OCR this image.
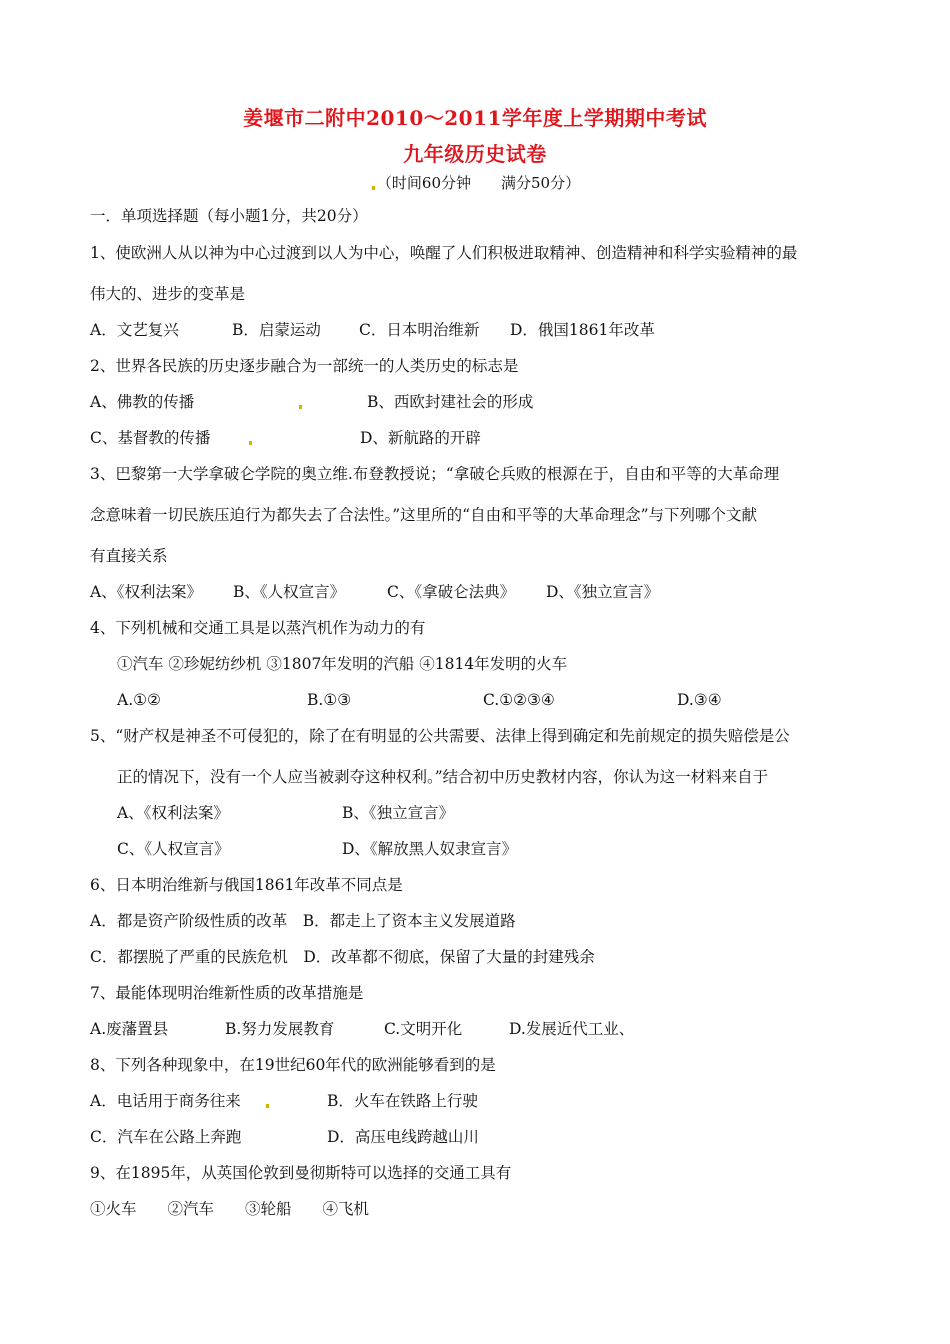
姜堰市二附中2010～2011学年度上学期期中考试
九年级历史试卷
（时间60分钟　　满分50分）
一．单项选择题（每小题1分，共20分）
1、使欧洲人从以神为中心过渡到以人为中心，唤醒了人们积极进取精神、创造精神和科学实验精神的最
伟大的、进步的变革是
A．文艺复兴	B．启蒙运动 C．日本明治维新 D．俄国1861年改革
2、世界各民族的历史逐步融合为一部统一的人类历史的标志是
A、佛教的传播	B、西欧封建社会的形成
C、基督教的传播	D、新航路的开辟
3、巴黎第一大学拿破仑学院的奥立维.布登教授说；“拿破仑兵败的根源在于，自由和平等的大革命理
念意味着一切民族压迫行为都失去了合法性。”这里所的“自由和平等的大革命理念”与下列哪个文献
有直接关系
A、《权利法案》 B、《人权宣言》	C、《拿破仑法典》 D、《独立宣言》
4、下列机械和交通工具是以蒸汽机作为动力的有
①汽车 ②珍妮纺纱机 ③1807年发明的汽船 ④1814年发明的火车
A.①②	B.①③	C.①②③④	D.③④
5、“财产权是神圣不可侵犯的，除了在有明显的公共需要、法律上得到确定和先前规定的损失赔偿是公
正的情况下，没有一个人应当被剥夺这种权利。”结合初中历史教材内容，你认为这一材料来自于
A、《权利法案》	B、《独立宣言》
C、《人权宣言》	D、《解放黑人奴隶宣言》
6、日本明治维新与俄国1861年改革不同点是
A．都是资产阶级性质的改革　B．都走上了资本主义发展道路
C．都摆脱了严重的民族危机　D．改革都不彻底，保留了大量的封建残余
7、最能体现明治维新性质的改革措施是
A.废藩置县	B.努力发展教育	C.文明开化	D.发展近代工业、
8、下列各种现象中，在19世纪60年代的欧洲能够看到的是
A．电话用于商务往来	B．火车在铁路上行驶
C．汽车在公路上奔跑	D．高压电线跨越山川
9、在1895年，从英国伦敦到曼彻斯特可以选择的交通工具有
①火车　　②汽车　　③轮船　　④飞机
